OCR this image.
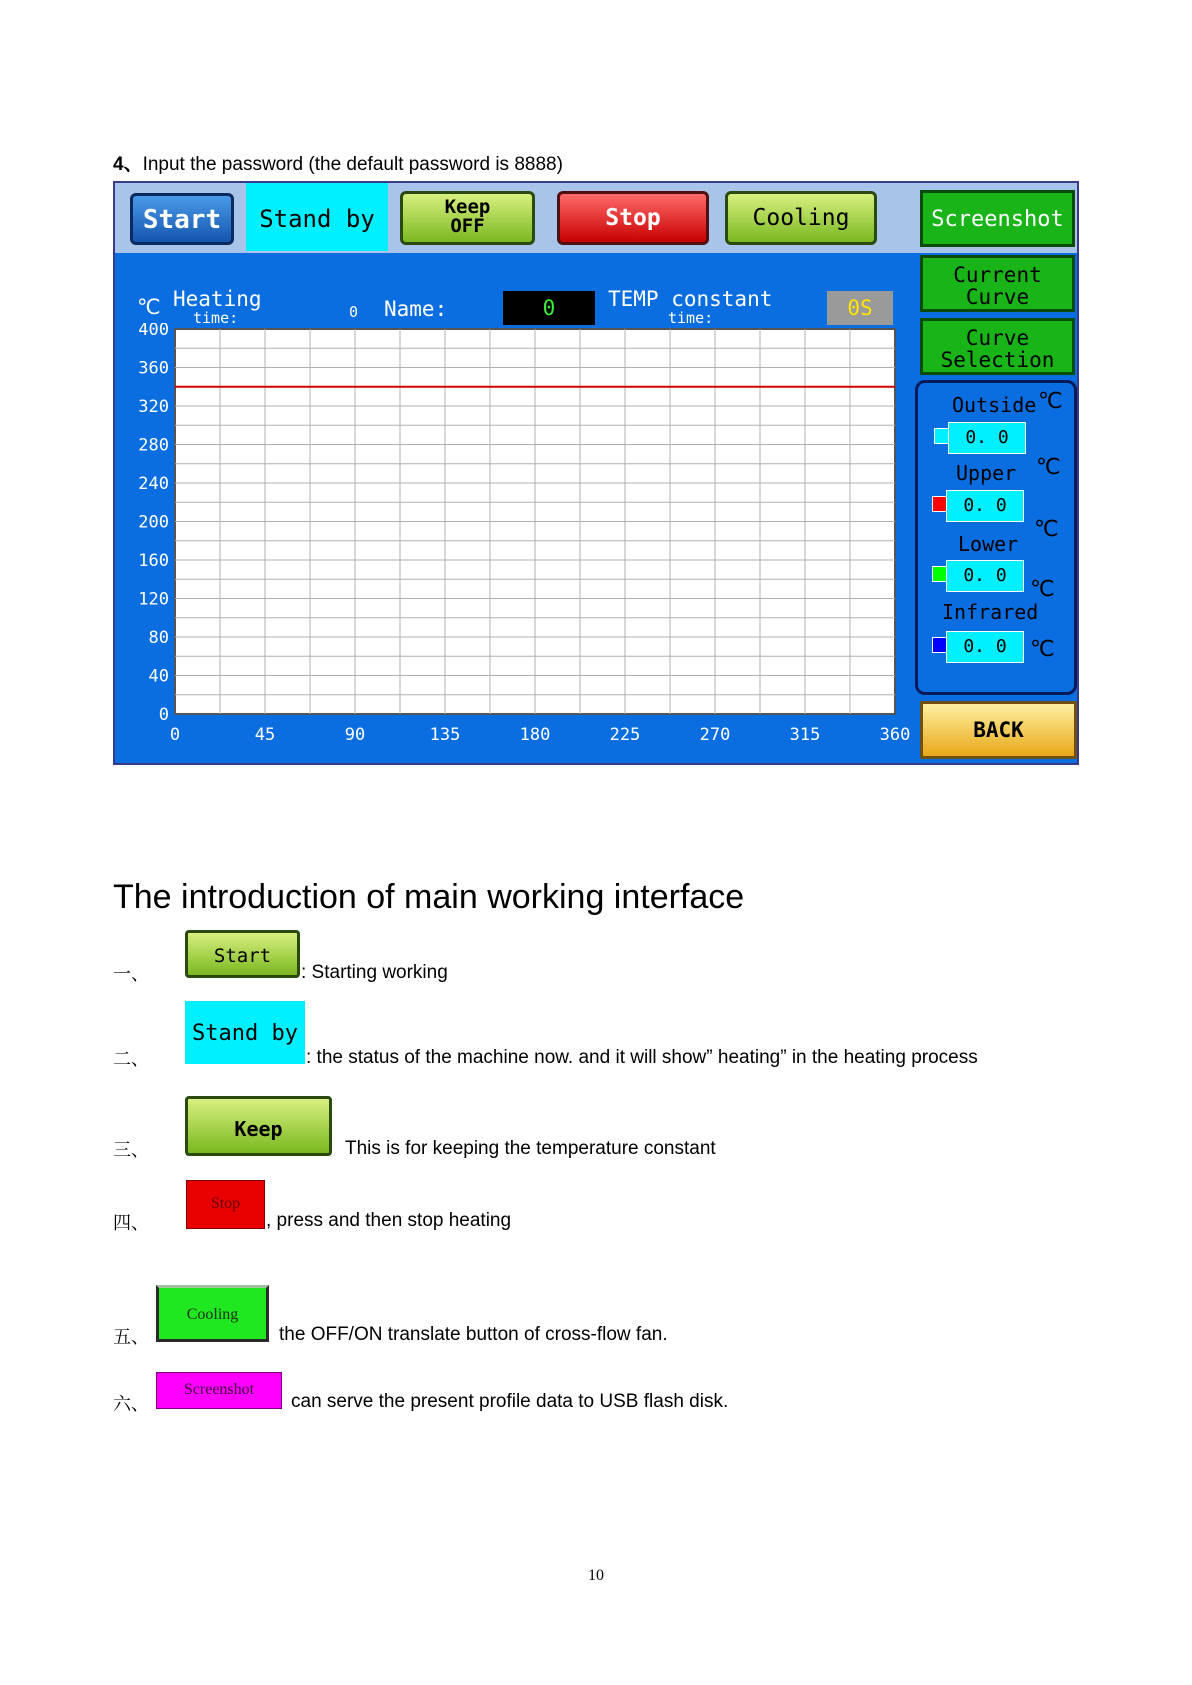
4、Input the password (the default password is 8888)
Start	Stand by	Keep
OFF	Stop	Cooling	Screenshot
Current
Curve
Curve
Selection
℃ Heating
time:	0 Name:	0	TEMP constant
time:	0S
400
360
320
280
240
200
160
120
80
40
0
0	45	90	135	180	225	270	315	360
Outside ℃
0. 0
℃
Upper
0. 0
℃
Lower
0. 0
℃
Infrared
0. 0	℃
BACK
The introduction of main working interface
一、
Start
: Starting working
二、
Stand by
: the status of the machine now. and it will show” heating” in the heating process
三、
Keep
This is for keeping the temperature constant
四、
Stop
, press and then stop heating
五、
Cooling
the OFF/ON translate button of cross-flow fan.
六、
Screenshot
can serve the present profile data to USB flash disk.
10
